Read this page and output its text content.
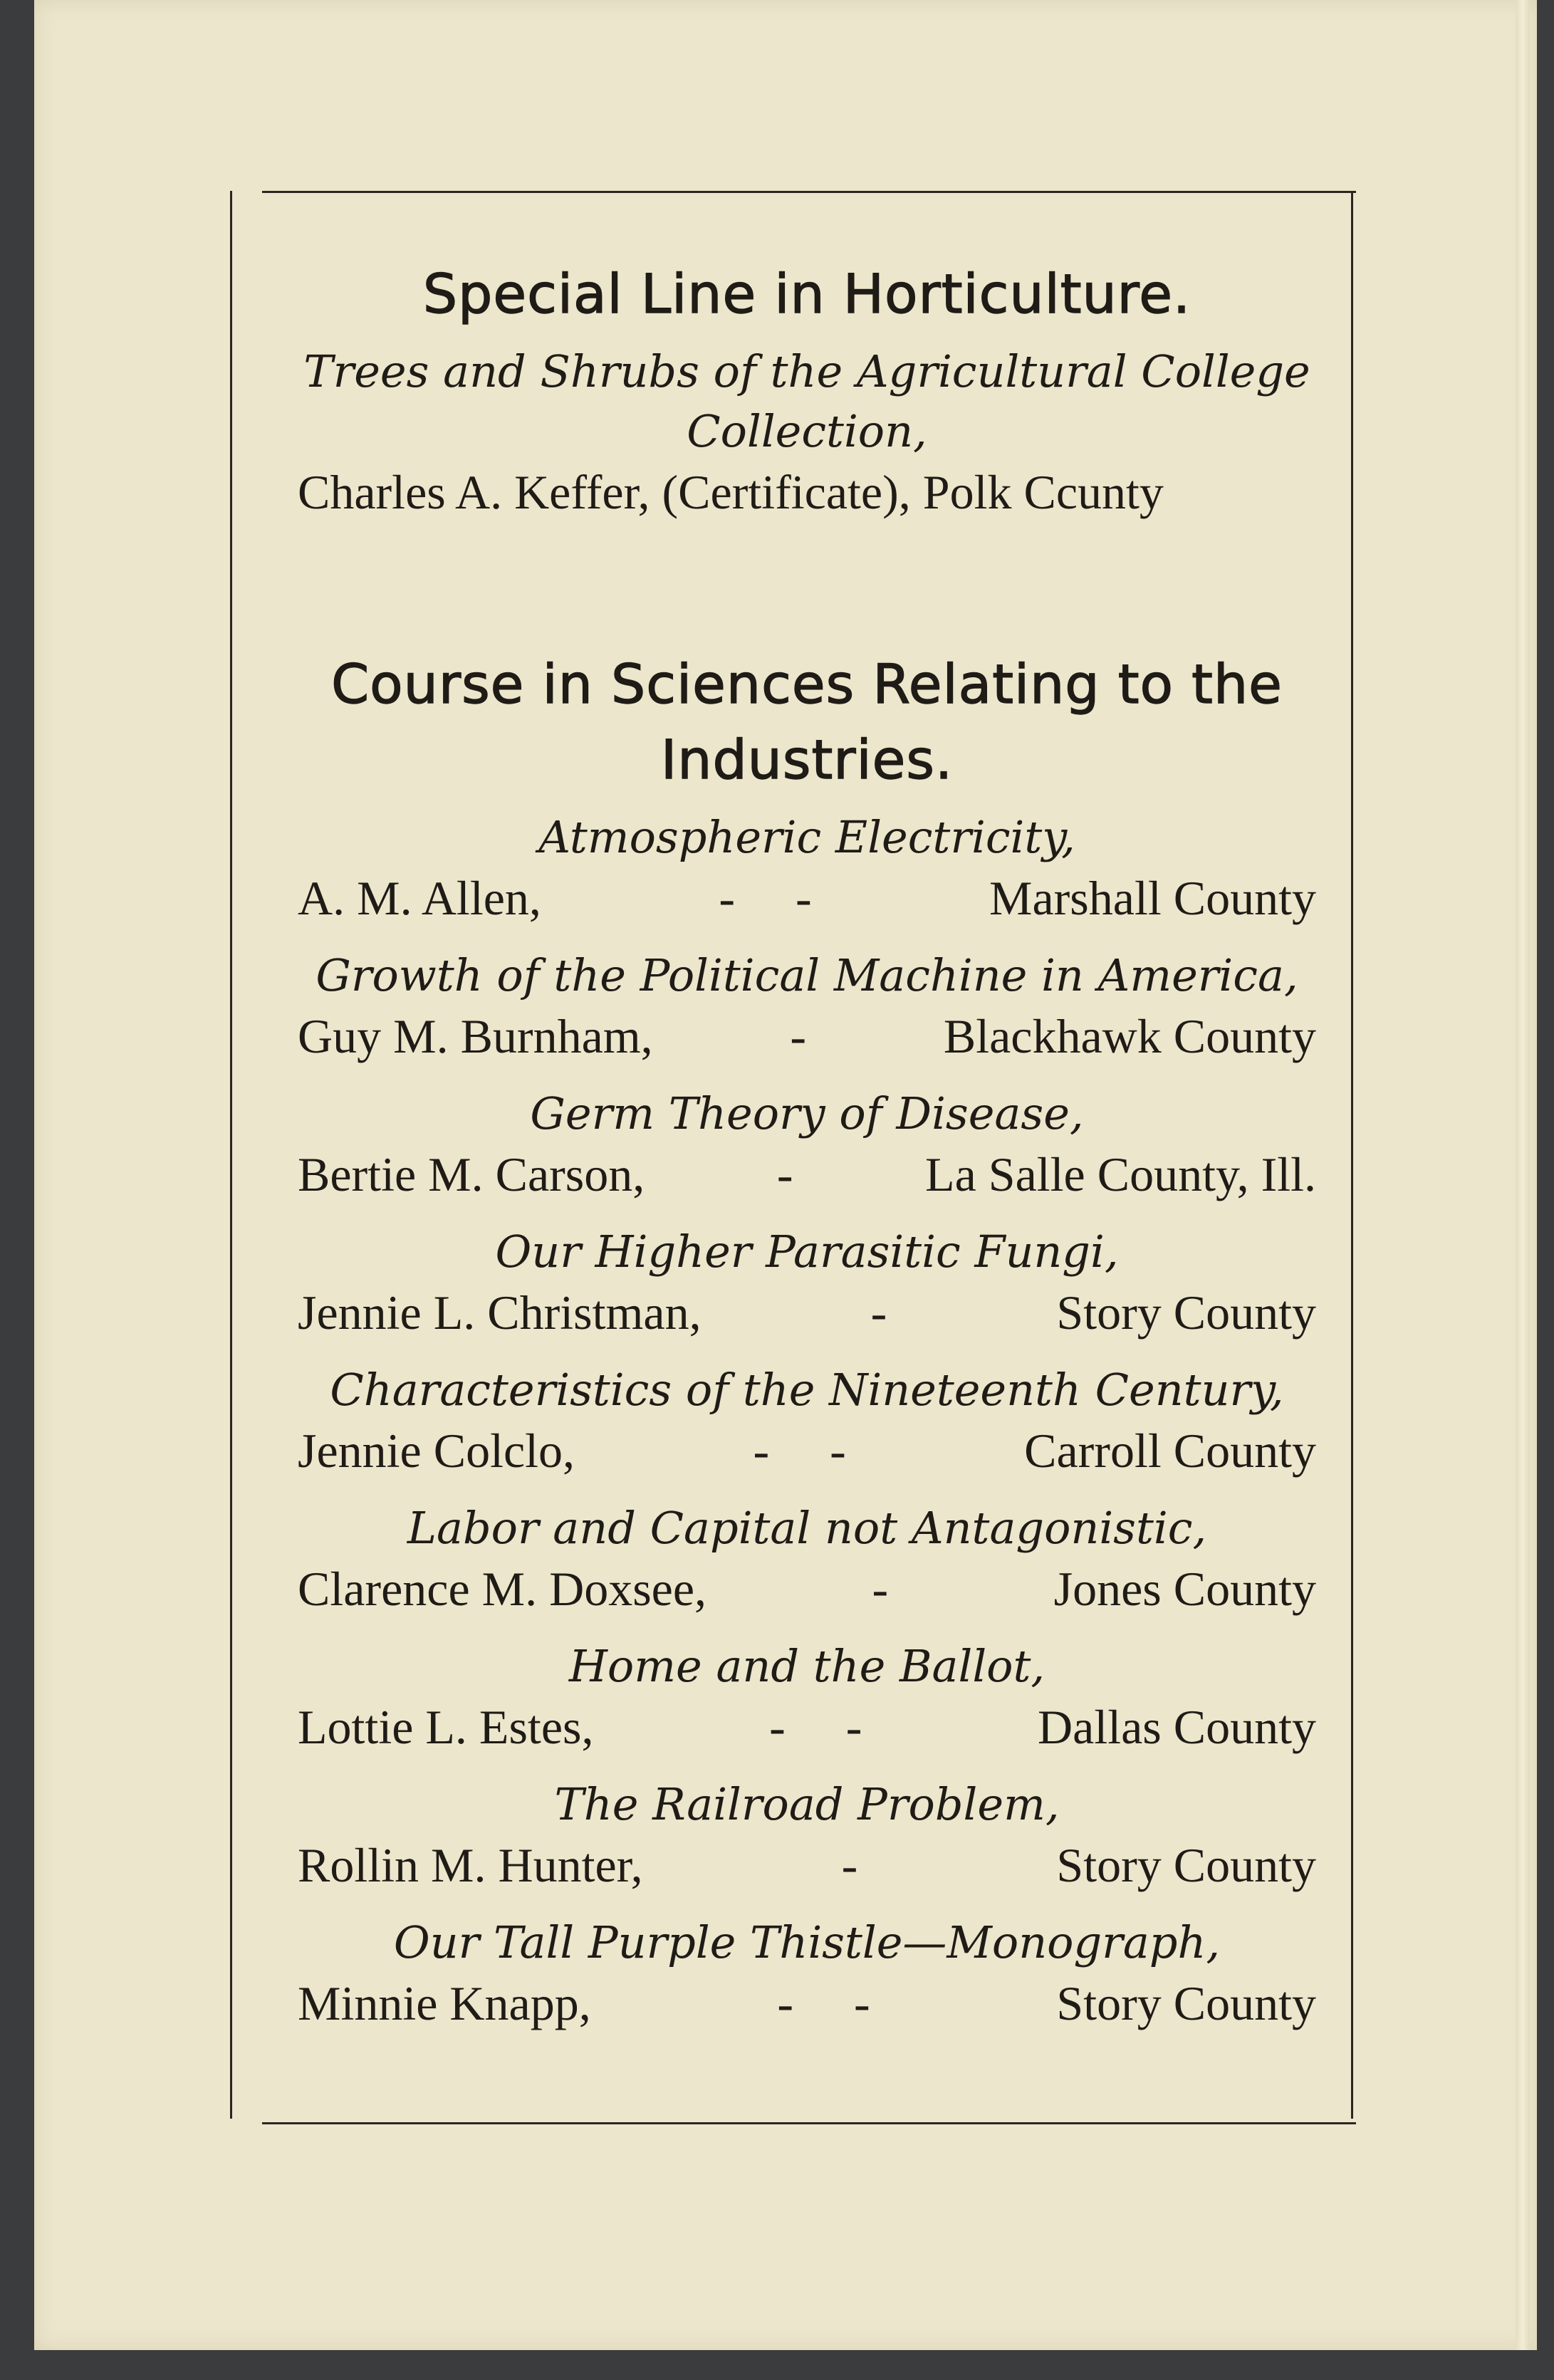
Special Line in Horticulture.

Trees and Shrubs of the Agricultural College Collection,

Charles A. Keffer, (Certificate), Polk Ccunty

Course in Sciences Relating to the Industries.

Atmospheric Electricity,

A. M. Allen,	-     -	Marshall County

Growth of the Political Machine in America,

Guy M. Burnham,	-	Blackhawk County

Germ Theory of Disease,

Bertie M. Carson,	-	La Salle County, Ill.

Our Higher Parasitic Fungi,

Jennie L. Christman,	-	Story County

Characteristics of the Nineteenth Century,

Jennie Colclo,	-     -	Carroll County

Labor and Capital not Antagonistic,

Clarence M. Doxsee,	-	Jones County

Home and the Ballot,

Lottie L. Estes,	-     -	Dallas County

The Railroad Problem,

Rollin M. Hunter,	-	Story County

Our Tall Purple Thistle—Monograph,

Minnie Knapp,	-     -	Story County
